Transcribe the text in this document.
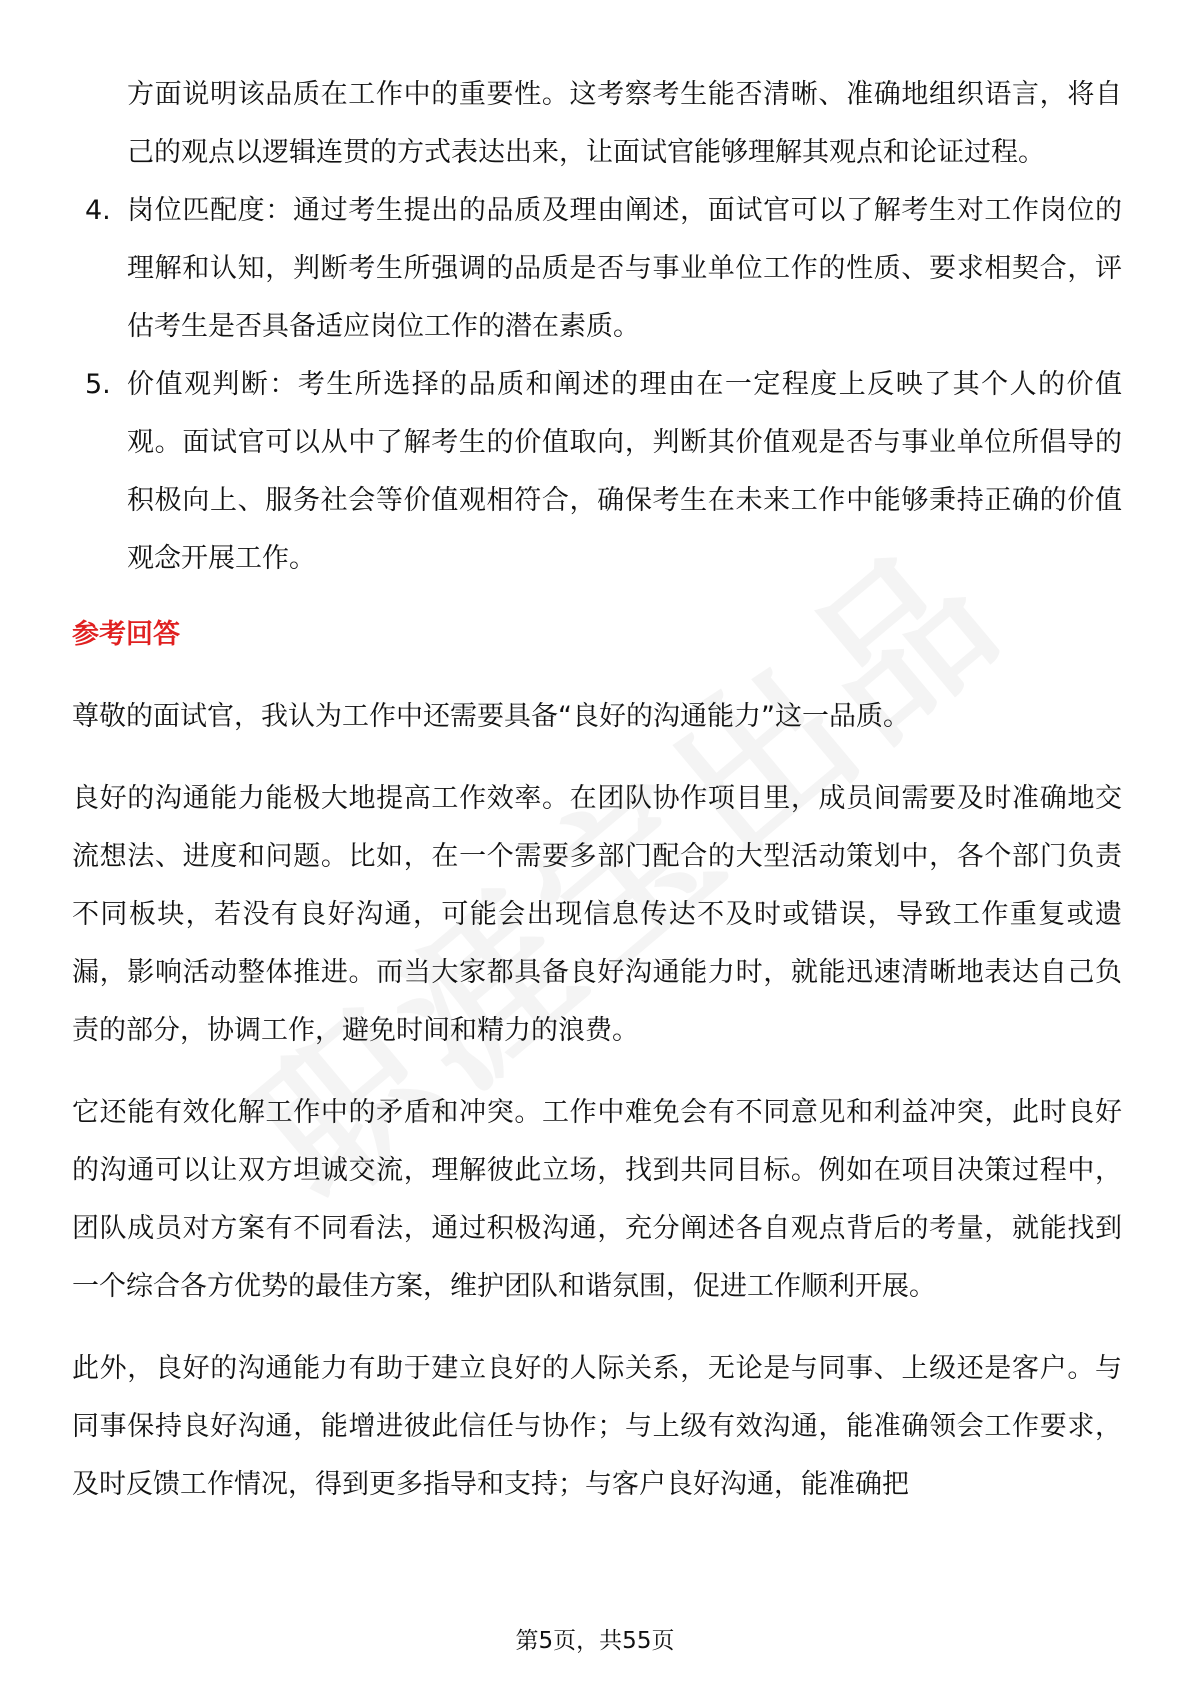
方面说明该品质在工作中的重要性。这考察考生能否清晰、准确地组织语言，将自己的观点以逻辑连贯的方式表达出来，让面试官能够理解其观点和论证过程。

4. 岗位匹配度：通过考生提出的品质及理由阐述，面试官可以了解考生对工作岗位的理解和认知，判断考生所强调的品质是否与事业单位工作的性质、要求相契合，评估考生是否具备适应岗位工作的潜在素质。

5. 价值观判断：考生所选择的品质和阐述的理由在一定程度上反映了其个人的价值观。面试官可以从中了解考生的价值取向，判断其价值观是否与事业单位所倡导的积极向上、服务社会等价值观相符合，确保考生在未来工作中能够秉持正确的价值观念开展工作。

参考回答

尊敬的面试官，我认为工作中还需要具备“良好的沟通能力”这一品质。

良好的沟通能力能极大地提高工作效率。在团队协作项目里，成员间需要及时准确地交流想法、进度和问题。比如，在一个需要多部门配合的大型活动策划中，各个部门负责不同板块，若没有良好沟通，可能会出现信息传达不及时或错误，导致工作重复或遗漏，影响活动整体推进。而当大家都具备良好沟通能力时，就能迅速清晰地表达自己负责的部分，协调工作，避免时间和精力的浪费。

它还能有效化解工作中的矛盾和冲突。工作中难免会有不同意见和利益冲突，此时良好的沟通可以让双方坦诚交流，理解彼此立场，找到共同目标。例如在项目决策过程中，团队成员对方案有不同看法，通过积极沟通，充分阐述各自观点背后的考量，就能找到一个综合各方优势的最佳方案，维护团队和谐氛围，促进工作顺利开展。

此外，良好的沟通能力有助于建立良好的人际关系，无论是与同事、上级还是客户。与同事保持良好沟通，能增进彼此信任与协作；与上级有效沟通，能准确领会工作要求，及时反馈工作情况，得到更多指导和支持；与客户良好沟通，能准确把

第5页，共55页
